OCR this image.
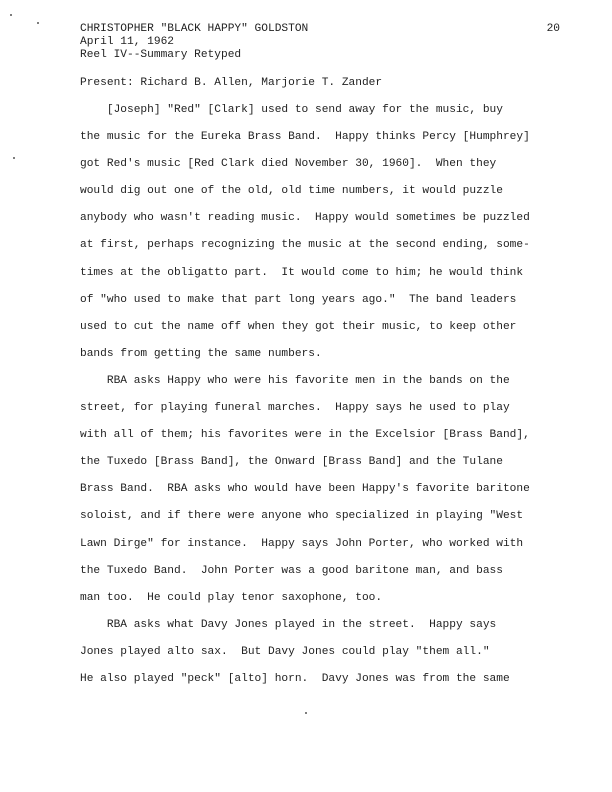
CHRISTOPHER "BLACK HAPPY" GOLDSTON
April 11, 1962
Reel IV--Summary Retyped
20
Present: Richard B. Allen, Marjorie T. Zander
[Joseph] "Red" [Clark] used to send away for the music, buy
the music for the Eureka Brass Band.  Happy thinks Percy [Humphrey]
got Red's music [Red Clark died November 30, 1960].  When they
would dig out one of the old, old time numbers, it would puzzle
anybody who wasn't reading music.  Happy would sometimes be puzzled
at first, perhaps recognizing the music at the second ending, some-
times at the obligatto part.  It would come to him; he would think
of "who used to make that part long years ago."  The band leaders
used to cut the name off when they got their music, to keep other
bands from getting the same numbers.
RBA asks Happy who were his favorite men in the bands on the
street, for playing funeral marches.  Happy says he used to play
with all of them; his favorites were in the Excelsior [Brass Band],
the Tuxedo [Brass Band], the Onward [Brass Band] and the Tulane
Brass Band.  RBA asks who would have been Happy's favorite baritone
soloist, and if there were anyone who specialized in playing "West
Lawn Dirge" for instance.  Happy says John Porter, who worked with
the Tuxedo Band.  John Porter was a good baritone man, and bass
man too.  He could play tenor saxophone, too.
RBA asks what Davy Jones played in the street.  Happy says
Jones played alto sax.  But Davy Jones could play "them all."
He also played "peck" [alto] horn.  Davy Jones was from the same
